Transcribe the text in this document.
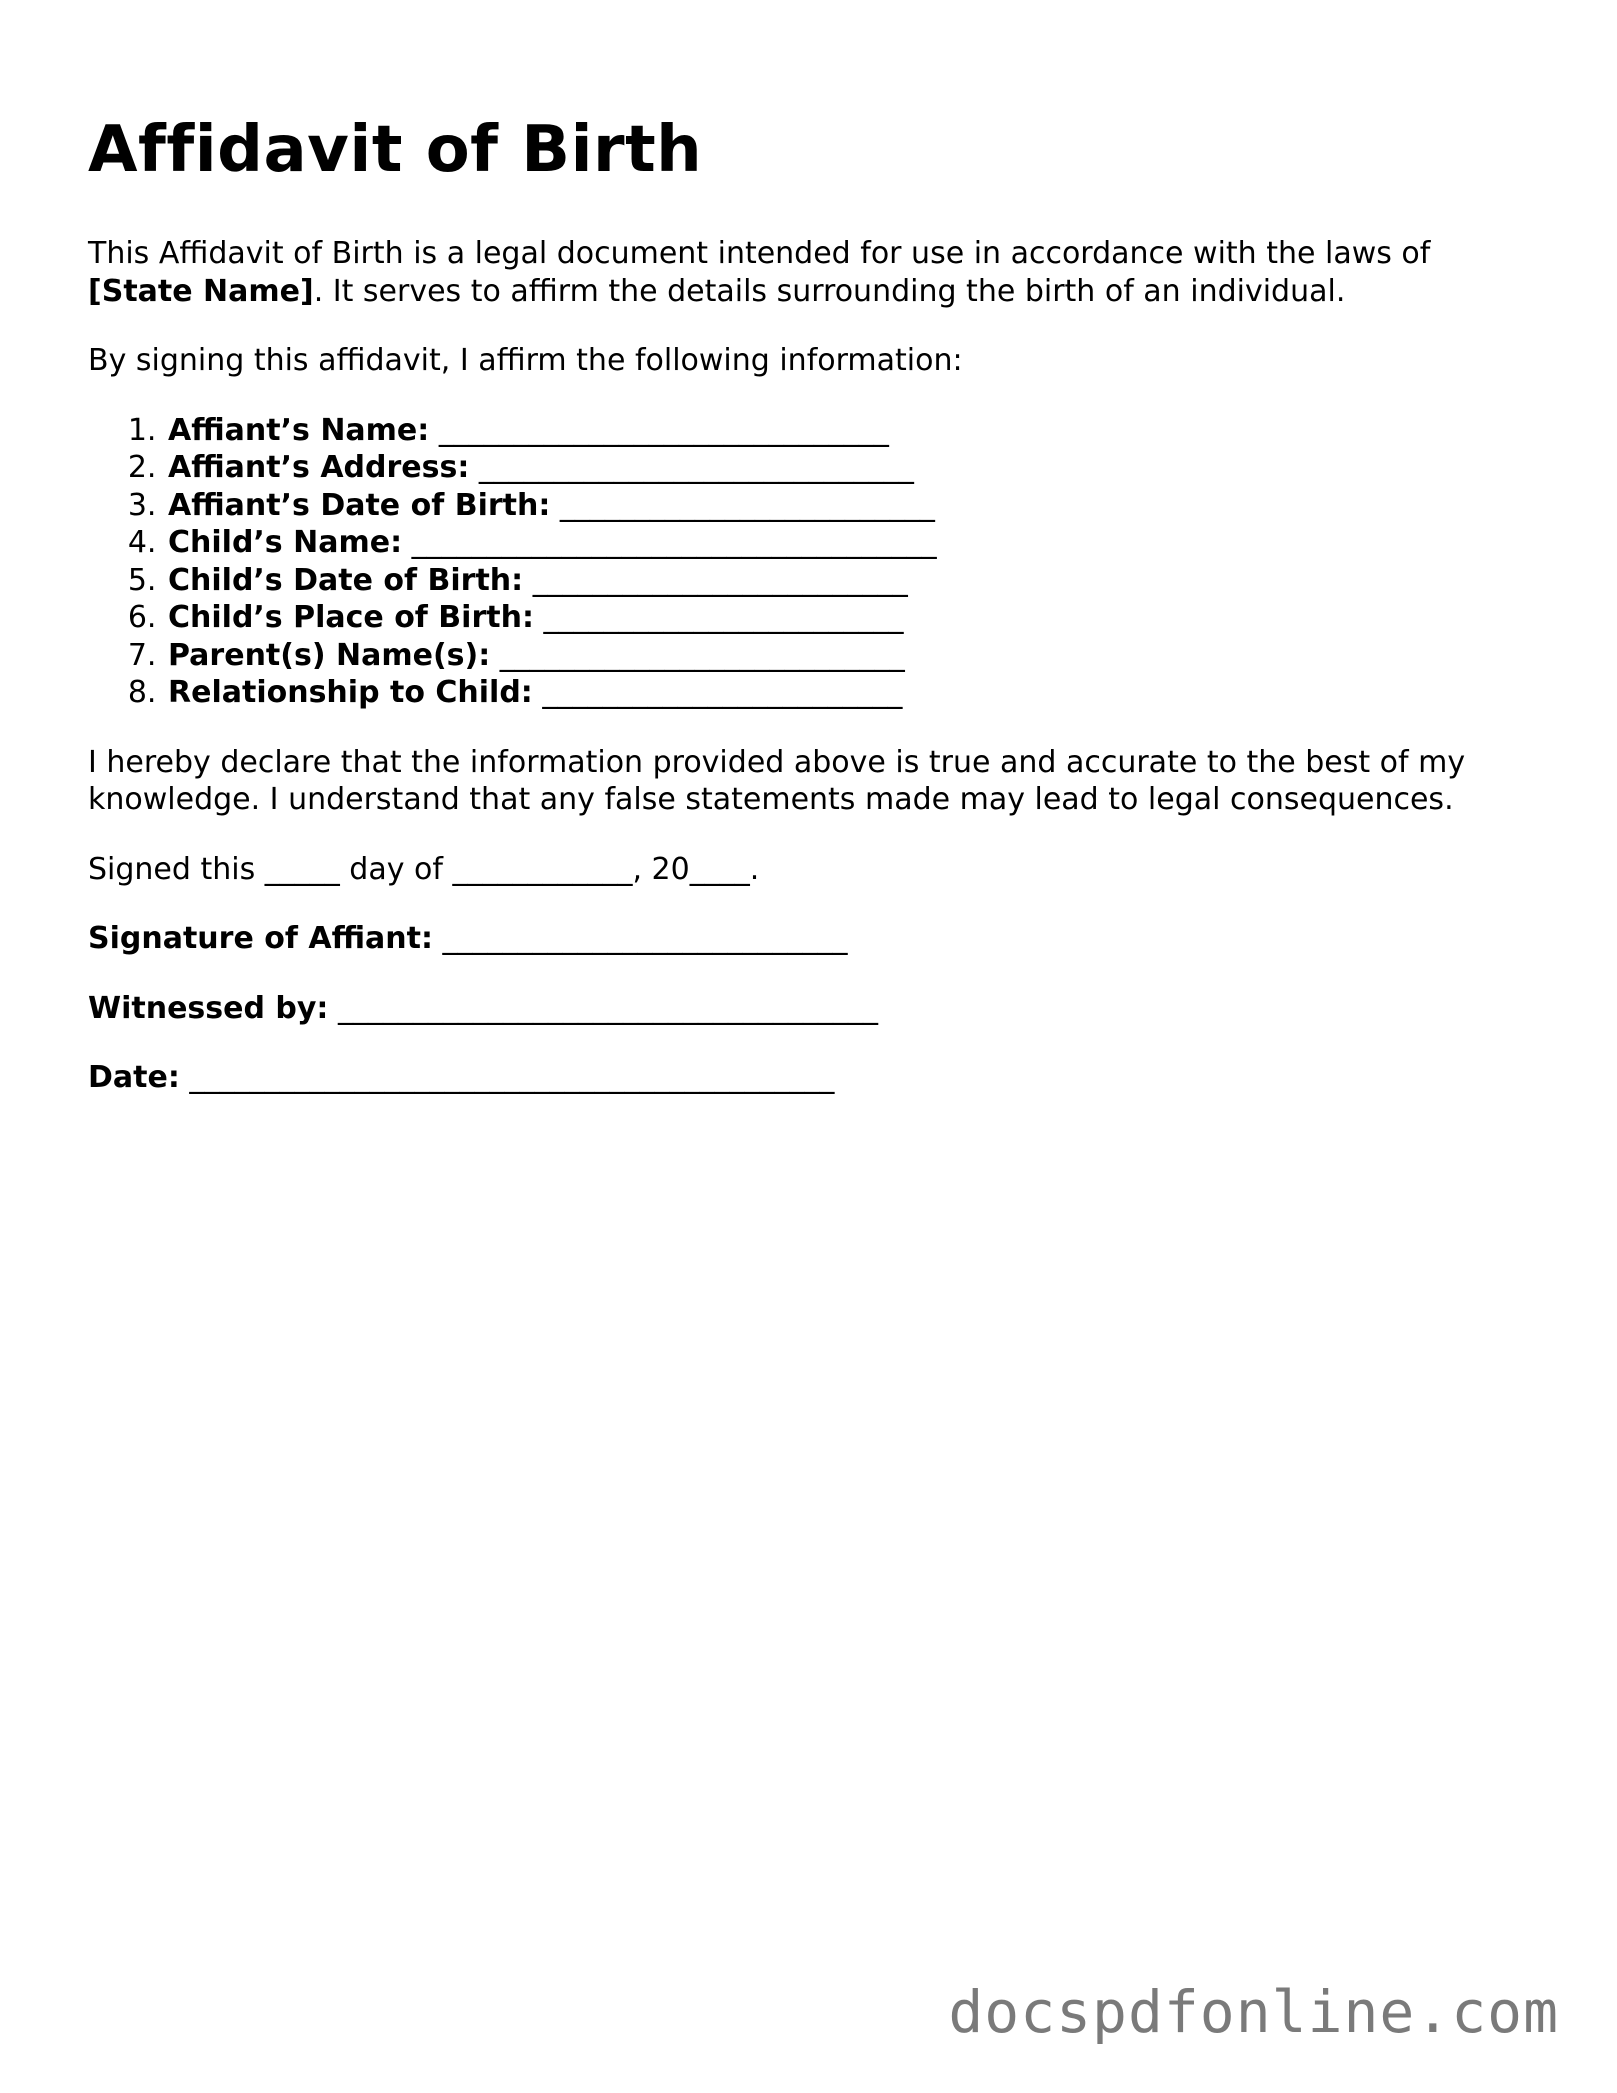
Affidavit of Birth

This Affidavit of Birth is a legal document intended for use in accordance with the laws of [State Name]. It serves to affirm the details surrounding the birth of an individual.

By signing this affidavit, I affirm the following information:

1. Affiant’s Name: ______________________________
2. Affiant’s Address: _____________________________
3. Affiant’s Date of Birth: _________________________
4. Child’s Name: ___________________________________
5. Child’s Date of Birth: _________________________
6. Child’s Place of Birth: ________________________
7. Parent(s) Name(s): ___________________________
8. Relationship to Child: ________________________

I hereby declare that the information provided above is true and accurate to the best of my knowledge. I understand that any false statements made may lead to legal consequences.

Signed this _____ day of ____________, 20____.

Signature of Affiant: ___________________________

Witnessed by: ____________________________________

Date: ___________________________________________

docspdfonline.com
